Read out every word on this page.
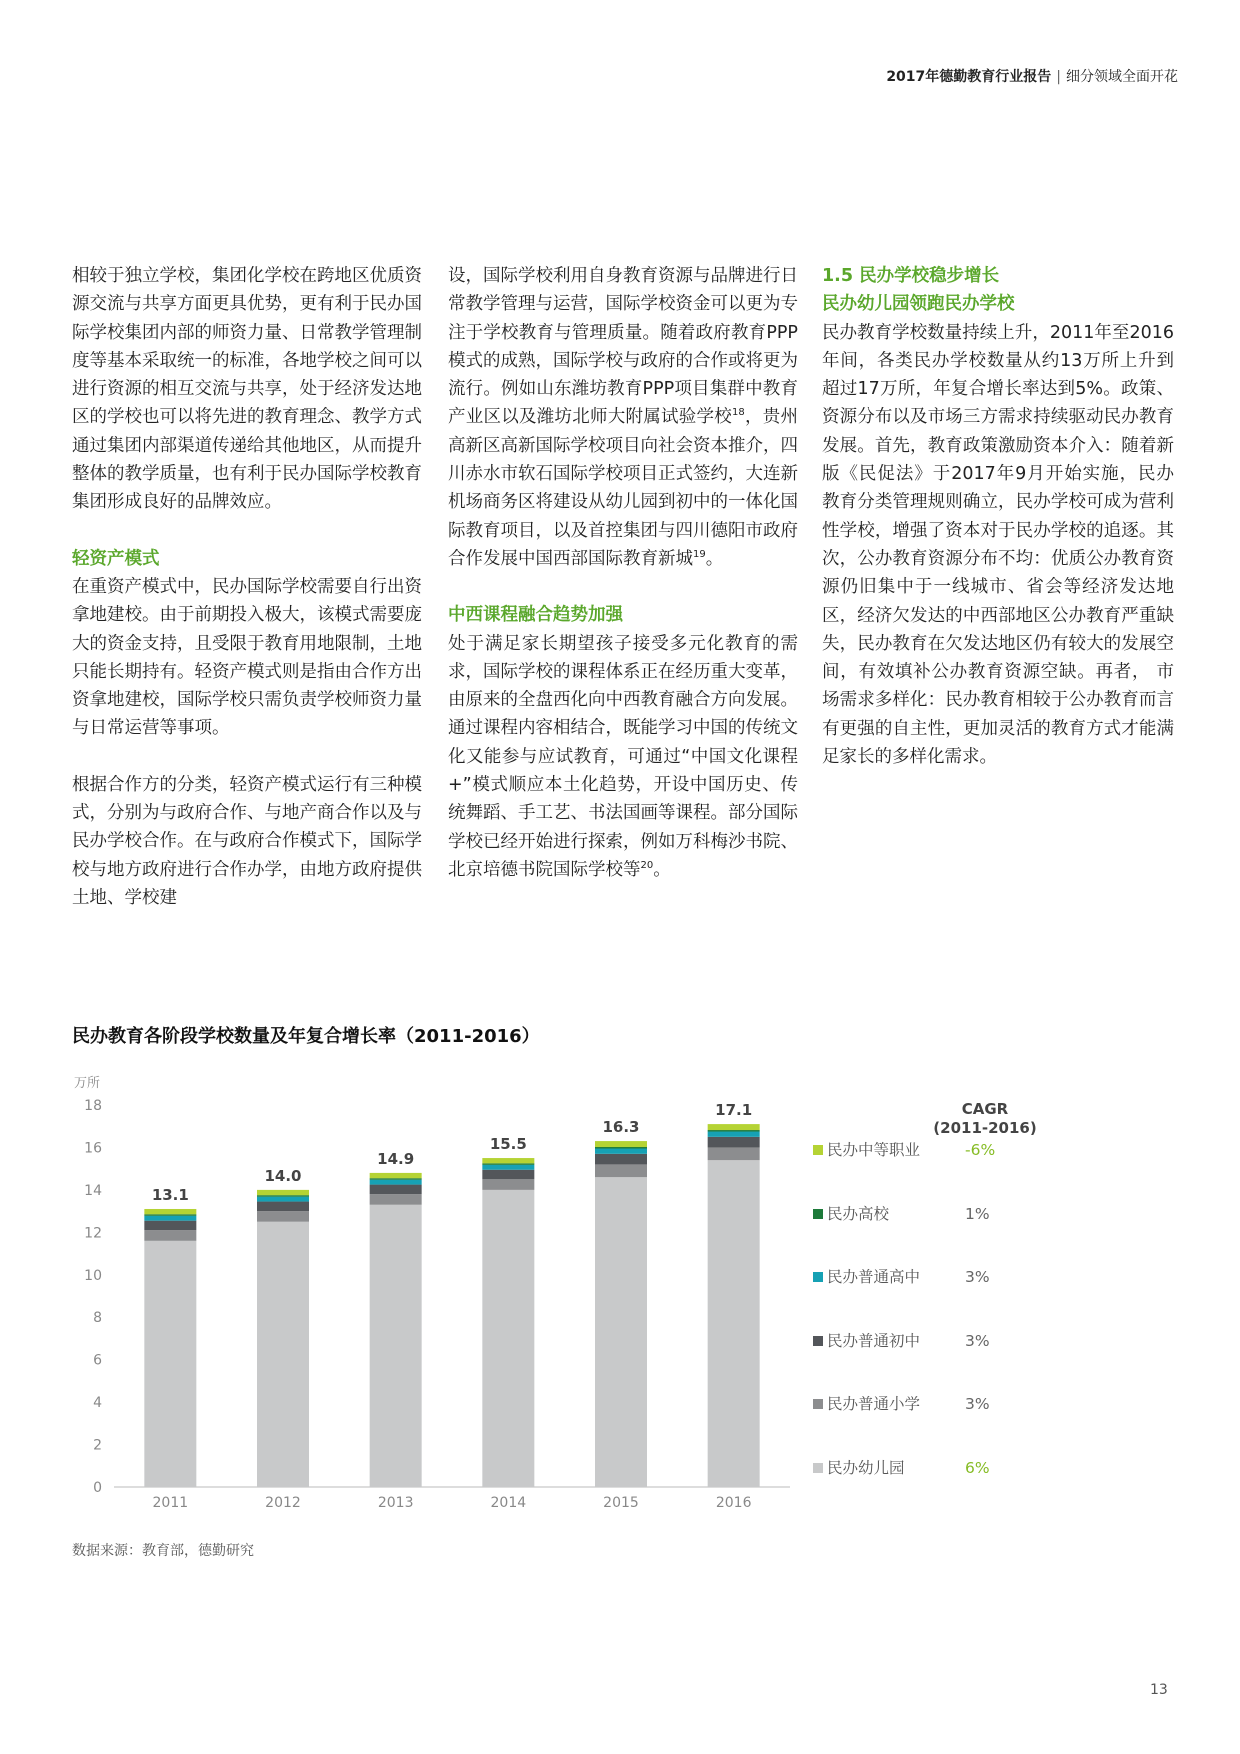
2017年德勤教育行业报告 | 细分领域全面开花

相较于独立学校，集团化学校在跨地区优质资源交流与共享方面更具优势，更有利于民办国际学校集团内部的师资力量、日常教学管理制度等基本采取统一的标准，各地学校之间可以进行资源的相互交流与共享，处于经济发达地区的学校也可以将先进的教育理念、教学方式通过集团内部渠道传递给其他地区，从而提升整体的教学质量，也有利于民办国际学校教育集团形成良好的品牌效应。

轻资产模式

在重资产模式中，民办国际学校需要自行出资拿地建校。由于前期投入极大，该模式需要庞大的资金支持，且受限于教育用地限制，土地只能长期持有。轻资产模式则是指由合作方出资拿地建校，国际学校只需负责学校师资力量与日常运营等事项。

根据合作方的分类，轻资产模式运行有三种模式，分别为与政府合作、与地产商合作以及与民办学校合作。在与政府合作模式下，国际学校与地方政府进行合作办学，由地方政府提供土地、学校建

设，国际学校利用自身教育资源与品牌进行日常教学管理与运营，国际学校资金可以更为专注于学校教育与管理质量。随着政府教育PPP模式的成熟，国际学校与政府的合作或将更为流行。例如山东潍坊教育PPP项目集群中教育产业区以及潍坊北师大附属试验学校$^{18}$，贵州高新区高新国际学校项目向社会资本推介，四川赤水市软石国际学校项目正式签约，大连新机场商务区将建设从幼儿园到初中的一体化国际教育项目，以及首控集团与四川德阳市政府合作发展中国西部国际教育新城$^{19}$。

中西课程融合趋势加强

处于满足家长期望孩子接受多元化教育的需求，国际学校的课程体系正在经历重大变革，由原来的全盘西化向中西教育融合方向发展。通过课程内容相结合，既能学习中国的传统文化又能参与应试教育，可通过“中国文化课程+”模式顺应本土化趋势，开设中国历史、传统舞蹈、手工艺、书法国画等课程。部分国际学校已经开始进行探索，例如万科梅沙书院、北京培德书院国际学校等$^{20}$。

1.5 民办学校稳步增长
民办幼儿园领跑民办学校

民办教育学校数量持续上升，2011年至2016年间，各类民办学校数量从约13万所上升到超过17万所，年复合增长率达到5%。政策、资源分布以及市场三方需求持续驱动民办教育发展。首先，教育政策激励资本介入：随着新版《民促法》于2017年9月开始实施，民办教育分类管理规则确立，民办学校可成为营利性学校，增强了资本对于民办学校的追逐。其次，公办教育资源分布不均：优质公办教育资源仍旧集中于一线城市、省会等经济发达地区，经济欠发达的中西部地区公办教育严重缺失，民办教育在欠发达地区仍有较大的发展空间，有效填补公办教育资源空缺。再者， 市场需求多样化：民办教育相较于公办教育而言有更强的自主性，更加灵活的教育方式才能满足家长的多样化需求。

民办教育各阶段学校数量及年复合增长率（2011-2016）
万所
0
2
4
6
8
10
12
14
16
18
13.1
2011
14.0
2012
14.9
2013
15.5
2014
16.3
2015
17.1
2016
CAGR
(2011-2016)
民办中等职业	-6%
民办高校	1%
民办普通高中	3%
民办普通初中	3%
民办普通小学	3%
民办幼儿园	6%
数据来源：教育部，德勤研究
13
